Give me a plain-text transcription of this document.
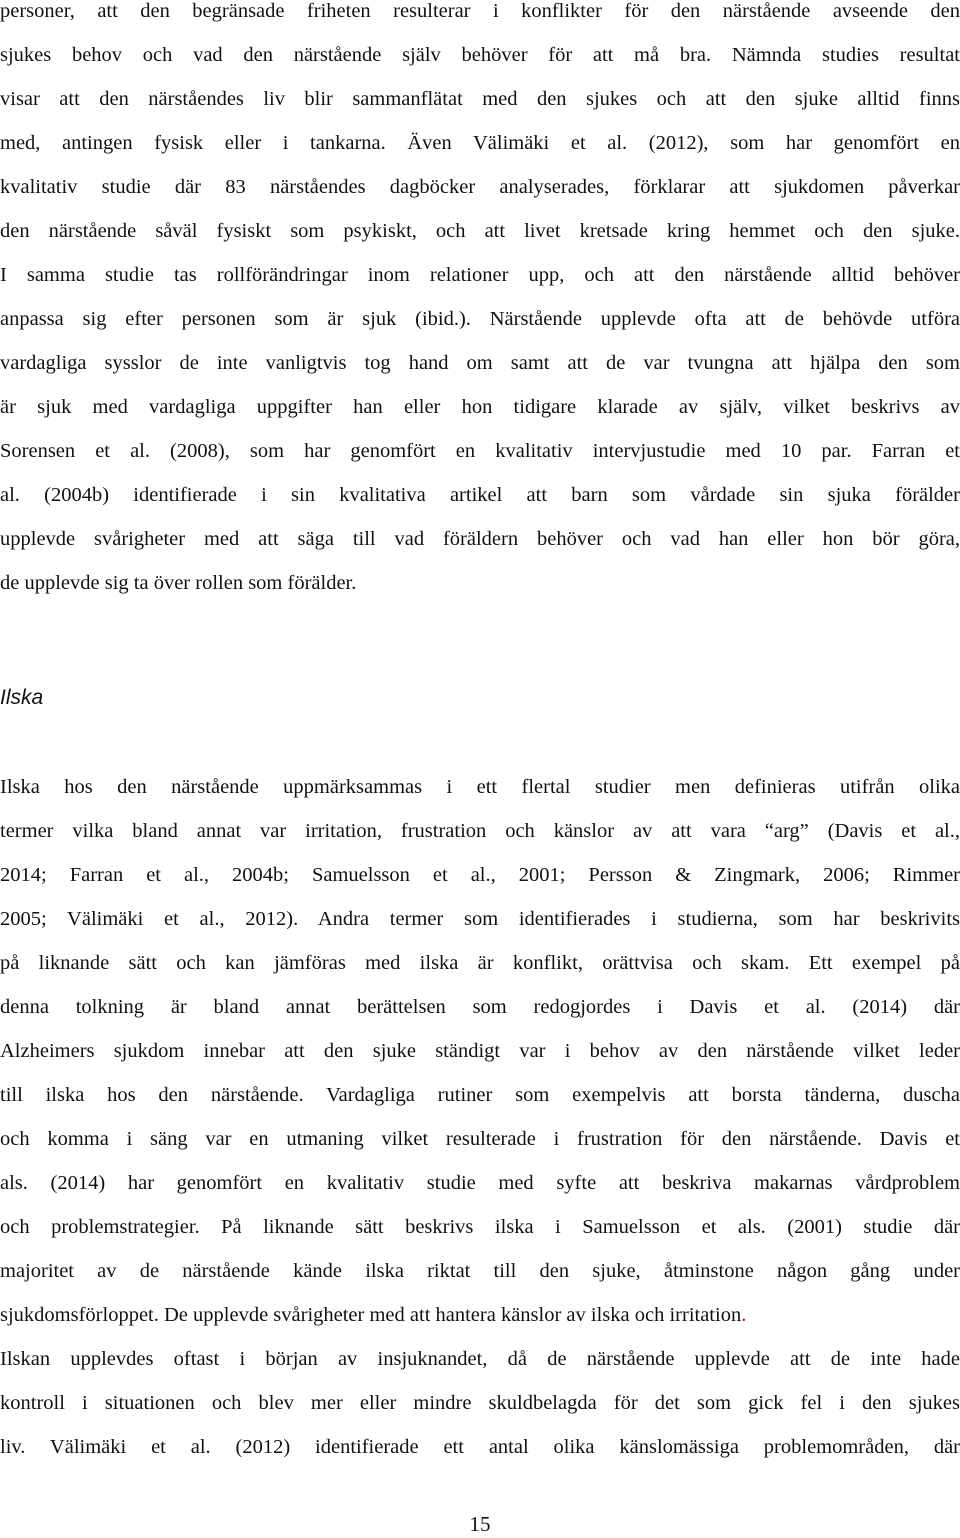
personer, att den begränsade friheten resulterar i konflikter för den närstående avseende den
sjukes behov och vad den närstående själv behöver för att må bra. Nämnda studies resultat
visar att den närståendes liv blir sammanflätat med den sjukes och att den sjuke alltid finns
med, antingen fysisk eller i tankarna. Även Välimäki et al. (2012), som har genomfört en
kvalitativ studie där 83 närståendes dagböcker analyserades, förklarar att sjukdomen påverkar
den närstående såväl fysiskt som psykiskt, och att livet kretsade kring hemmet och den sjuke.
I samma studie tas rollförändringar inom relationer upp, och att den närstående alltid behöver
anpassa sig efter personen som är sjuk (ibid.). Närstående upplevde ofta att de behövde utföra
vardagliga sysslor de inte vanligtvis tog hand om samt att de var tvungna att hjälpa den som
är sjuk med vardagliga uppgifter han eller hon tidigare klarade av själv, vilket beskrivs av
Sorensen et al. (2008), som har genomfört en kvalitativ intervjustudie med 10 par. Farran et
al. (2004b) identifierade i sin kvalitativa artikel att barn som vårdade sin sjuka förälder
upplevde svårigheter med att säga till vad föräldern behöver och vad han eller hon bör göra,
de upplevde sig ta över rollen som förälder.
Ilska
Ilska hos den närstående uppmärksammas i ett flertal studier men definieras utifrån olika
termer vilka bland annat var irritation, frustration och känslor av att vara “arg” (Davis et al.,
2014; Farran et al., 2004b; Samuelsson et al., 2001; Persson & Zingmark, 2006; Rimmer
2005; Välimäki et al., 2012). Andra termer som identifierades i studierna, som har beskrivits
på liknande sätt och kan jämföras med ilska är konflikt, orättvisa och skam. Ett exempel på
denna tolkning är bland annat berättelsen som redogjordes i Davis et al. (2014) där
Alzheimers sjukdom innebar att den sjuke ständigt var i behov av den närstående vilket leder
till ilska hos den närstående. Vardagliga rutiner som exempelvis att borsta tänderna, duscha
och komma i säng var en utmaning vilket resulterade i frustration för den närstående. Davis et
als. (2014) har genomfört en kvalitativ studie med syfte att beskriva makarnas vårdproblem
och problemstrategier. På liknande sätt beskrivs ilska i Samuelsson et als. (2001) studie där
majoritet av de närstående kände ilska riktat till den sjuke, åtminstone någon gång under
sjukdomsförloppet. De upplevde svårigheter med att hantera känslor av ilska och irritation.
Ilskan upplevdes oftast i början av insjuknandet, då de närstående upplevde att de inte hade
kontroll i situationen och blev mer eller mindre skuldbelagda för det som gick fel i den sjukes
liv. Välimäki et al. (2012) identifierade ett antal olika känslomässiga problemområden, där
15
